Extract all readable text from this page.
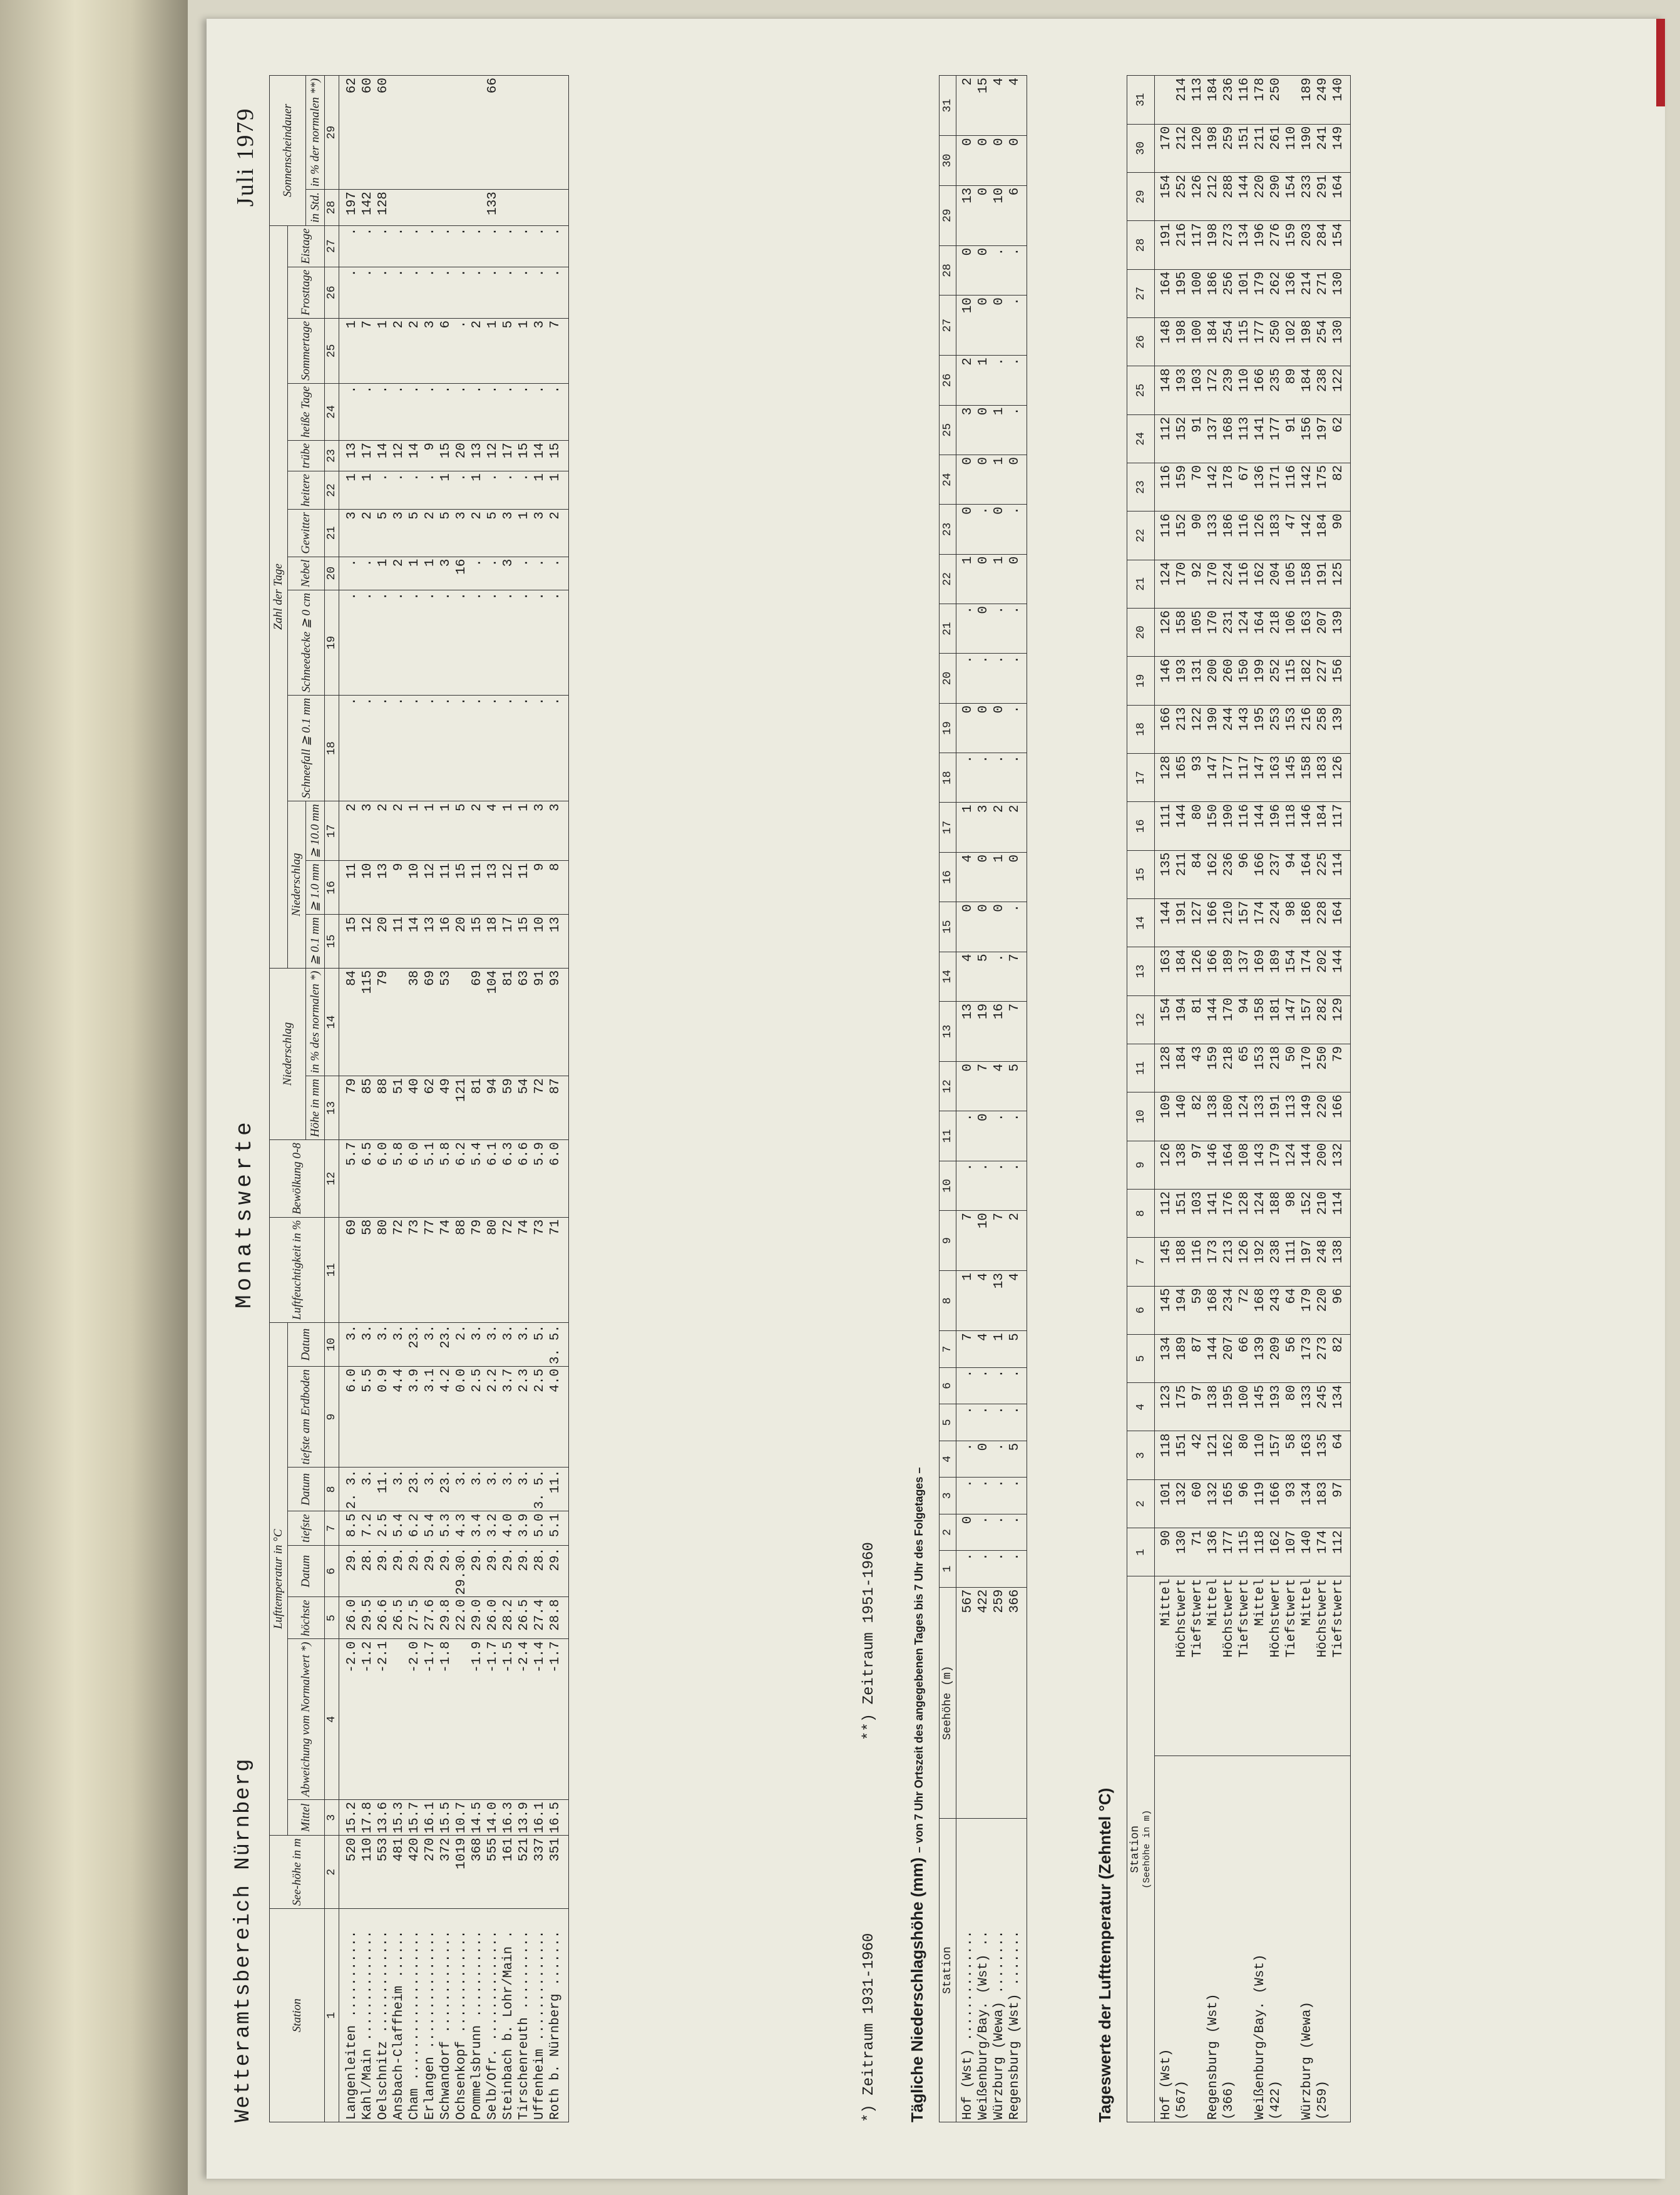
Wetteramtsbereich Nürnberg
Monatswerte
Juli 1979
Station	See-höhe in m	Lufttemperatur in °C								Luftfeuchtigkeit in %	Bewölkung 0-8	Niederschlag		Zahl der Tage													Sonnenscheindauer	
		Mittel	Abweichung vom Normalwert *)	höchste	Datum	tiefste	Datum	tiefste am Erdboden	Datum					Niederschlag			Schneefall ≧ 0.1 mm	Schneedecke ≧ 0 cm	Nebel	Gewitter	heitere	trübe	heiße Tage	Sommertage	Frosttage	Eistage		
												Höhe in mm	in % des normalen *)	≧ 0.1 mm	≧ 1.0 mm	≧ 10.0 mm											in Std.	in % der normalen **)
1	2	3	4	5	6	7	8	9	10	11	12	13	14	15	16	17	18	19	20	21	22	23	24	25	26	27	28	29
Langenleiten ...........	520	15.2	-2.0	26.0	29.	8.5	2. 3.	6.0	3.	69	5.7	79	84	15	11	2	.	.	.	3	1	13	.	1	.	.	197	62
Kahl/Main ..............	110	17.8	-1.2	29.5	28.	7.2	3.	5.5	3.	58	6.5	85	115	12	10	3	.	.	.	2	1	17	.	7	.	.	142	60
Oelschnitz .............	553	13.6	-2.1	26.6	29.	2.5	11.	0.9	3.	80	6.0	88	79	20	13	2	.	.	1	5	.	14	.	1	.	.	128	60
Ansbach-Claffheim ......	481	15.3		26.5	29.	5.4	3.	4.4	3.	72	5.8	51		11	9	2	.	.	2	3	.	12	.	2	.	.		
Cham ...................	420	15.7	-2.0	27.5	29.	6.2	23.	3.9	23.	73	6.0	40	38	14	10	1	.	.	1	5	.	14	.	2	.	.		
Erlangen ...............	270	16.1	-1.7	27.6	29.	5.4	3.	3.1	3.	77	5.1	62	69	13	12	1	.	.	1	2	.	9	.	3	.	.		
Schwandorf .............	372	15.5	-1.8	29.8	29.	5.3	23.	4.2	23.	74	5.8	49	53	16	11	1	.	.	3	5	1	15	.	6	.	.		
Ochsenkopf .............	1019	10.7		22.0	29.30.	4.3	3.	0.0	2.	88	6.2	121		20	15	5	.	.	16	3	.	20	.	.	.	.		
Pommelsbrunn ...........	368	14.5	-1.9	29.0	29.	3.4	3.	2.5	3.	79	5.4	81	69	15	11	2	.	.	.	2	1	13	.	2	.	.		
Selb/Ofr. ..............	555	14.0	-1.7	26.0	29.	3.2	3.	2.2	3.	80	6.1	94	104	18	13	4	.	.	.	5	.	12	.	1	.	.	133	66
Steinbach b. Lohr/Main .	161	16.3	-1.5	28.2	29.	4.0	3.	3.7	3.	72	6.3	59	81	17	12	1	.	.	3	3	.	17	.	5	.	.		
Tirschenreuth ..........	521	13.9	-2.4	26.5	29.	3.9	3.	2.3	3.	74	6.6	54	63	15	11	1	.	.	.	1	.	15	.	1	.	.		
Uffenheim ..............	337	16.1	-1.4	27.4	28.	5.0	3. 5.	2.5	5.	73	5.9	72	91	10	9	3	.	.	.	3	1	14	.	3	.	.		
Roth b. Nürnberg .......	351	16.5	-1.7	28.8	29.	5.1	11.	4.0	3. 5.	71	6.0	87	93	13	8	3	.	.	.	2	1	15	.	7	.	.		
*) Zeitraum 1931-1960
**) Zeitraum 1951-1960
Tägliche Niederschlagshöhe (mm) – von 7 Uhr Ortszeit des angegebenen Tages bis 7 Uhr des Folgetages –
Station	Seehöhe (m)	1	2	3	4	5	6	7	8	9	10	11	12	13	14	15	16	17	18	19	20	21	22	23	24	25	26	27	28	29	30	31
Hof (Wst) ..............	567	.	0	.	.	.	.	7	1	7	.	.	0	13	4	0	4	1	.	0	.	.	1	0	0	3	2	10	0	13	0	2
Weißenburg/Bay. (Wst) ..	422	.	.	.	0	.	.	4	4	10	.	0	7	19	5	0	0	3	.	0	.	0	0	.	0	0	1	0	0	0	0	15
Würzburg (Wewa) ........	259	.	.	.	.	.	.	1	13	7	.	.	4	16	.	0	1	2	.	0	.	.	1	0	1	1	.	0	.	10	0	4
Regensburg (Wst) .......	366	.	.	.	5	.	.	5	4	2	.	.	5	7	7	.	0	2	.	.	.	.	0	.	0	.	.	.	.	6	0	4
Tageswerte der Lufttemperatur (Zehntel °C) Station (Seehöhe in m)		1	2	3	4	5	6	7	8	9	10	11	12	13	14	15	16	17	18	19	20	21	22	23	24	25	26	27	28	29	30	31
Hof (Wst)	Mittel	90	101	118	123	134	145	145	112	126	109	128	154	163	144	135	111	128	166	146	126	124	116	116	112	148	148	164	191	154	170	
(567)	Höchstwert	130	132	151	175	189	194	188	151	138	140	184	194	184	191	211	144	165	213	193	158	170	152	159	152	193	198	195	216	252	212	214
	Tiefstwert	71	60	42	97	87	59	116	103	97	82	43	81	126	127	84	80	93	122	131	105	92	90	70	91	103	100	100	117	126	120	113
Regensburg (Wst)	Mittel	136	132	121	138	144	168	173	141	146	138	159	144	166	166	162	150	147	190	200	170	170	133	142	137	172	184	186	198	212	198	184
(366)	Höchstwert	177	165	162	195	207	234	213	176	164	180	218	170	189	210	236	190	177	244	260	231	224	186	178	168	239	254	256	273	288	259	236
	Tiefstwert	115	96	80	100	66	72	126	128	108	124	65	94	137	157	96	116	117	143	150	124	116	116	67	113	110	115	101	134	144	151	116
Weißenburg/Bay. (Wst)	Mittel	118	119	110	145	139	168	192	124	143	133	153	158	169	174	166	144	147	195	199	164	162	126	136	141	166	177	179	196	220	211	178
(422)	Höchstwert	162	166	157	193	209	243	238	188	179	191	218	181	189	224	237	196	163	253	252	218	204	183	171	177	235	250	262	276	290	261	250
	Tiefstwert	107	93	58	80	56	64	111	98	124	113	50	147	154	98	94	118	145	153	115	106	105	47	116	91	89	102	136	159	154	110	
Würzburg (Wewa)	Mittel	140	134	163	133	173	179	197	152	144	149	170	157	174	186	164	146	158	216	182	163	158	142	142	156	184	198	214	203	233	190	189
(259)	Höchstwert	174	183	135	245	273	220	248	210	200	220	250	282	202	228	225	184	183	258	227	207	191	184	175	197	238	254	271	284	291	241	249
	Tiefstwert	112	97	64	134	82	96	138	114	132	166	79	129	144	164	114	117	126	139	156	139	125	90	82	62	122	130	130	154	164	149	140
